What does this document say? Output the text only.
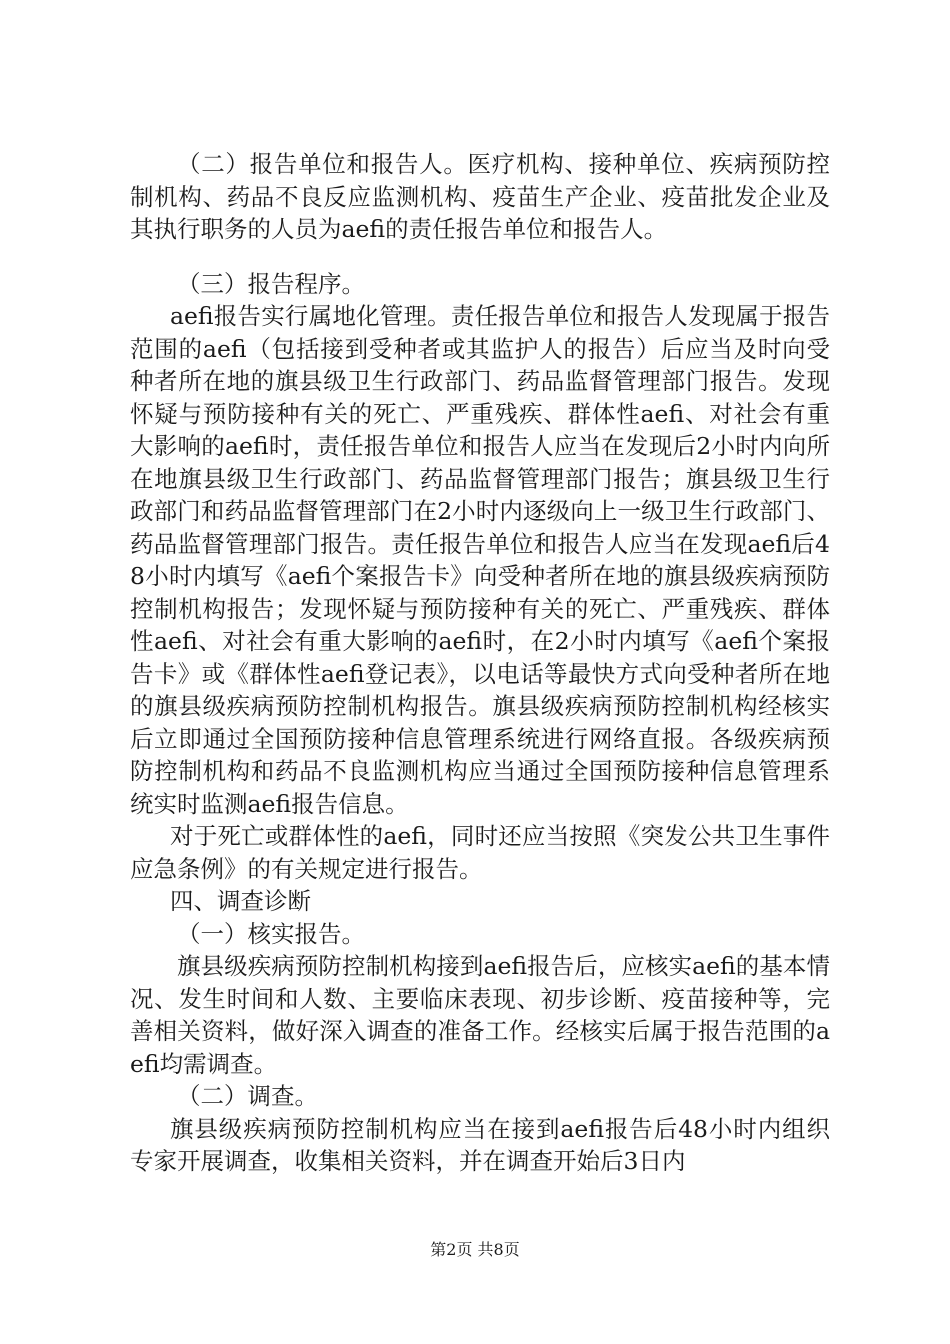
（二）报告单位和报告人。医疗机构、接种单位、疾病预防控制机构、药品不良反应监测机构、疫苗生产企业、疫苗批发企业及其执行职务的人员为aefi的责任报告单位和报告人。

（三）报告程序。

aefi报告实行属地化管理。责任报告单位和报告人发现属于报告范围的aefi（包括接到受种者或其监护人的报告）后应当及时向受种者所在地的旗县级卫生行政部门、药品监督管理部门报告。发现怀疑与预防接种有关的死亡、严重残疾、群体性aefi、对社会有重大影响的aefi时，责任报告单位和报告人应当在发现后2小时内向所在地旗县级卫生行政部门、药品监督管理部门报告；旗县级卫生行政部门和药品监督管理部门在2小时内逐级向上一级卫生行政部门、药品监督管理部门报告。责任报告单位和报告人应当在发现aefi后48小时内填写《aefi个案报告卡》向受种者所在地的旗县级疾病预防控制机构报告；发现怀疑与预防接种有关的死亡、严重残疾、群体性aefi、对社会有重大影响的aefi时，在2小时内填写《aefi个案报告卡》或《群体性aefi登记表》，以电话等最快方式向受种者所在地的旗县级疾病预防控制机构报告。旗县级疾病预防控制机构经核实后立即通过全国预防接种信息管理系统进行网络直报。各级疾病预防控制机构和药品不良监测机构应当通过全国预防接种信息管理系统实时监测aefi报告信息。

对于死亡或群体性的aefi，同时还应当按照《突发公共卫生事件应急条例》的有关规定进行报告。

四、调查诊断

（一）核实报告。

旗县级疾病预防控制机构接到aefi报告后，应核实aefi的基本情况、发生时间和人数、主要临床表现、初步诊断、疫苗接种等，完善相关资料，做好深入调查的准备工作。经核实后属于报告范围的aefi均需调查。

（二）调查。

旗县级疾病预防控制机构应当在接到aefi报告后48小时内组织专家开展调查，收集相关资料，并在调查开始后3日内

第2页 共8页
